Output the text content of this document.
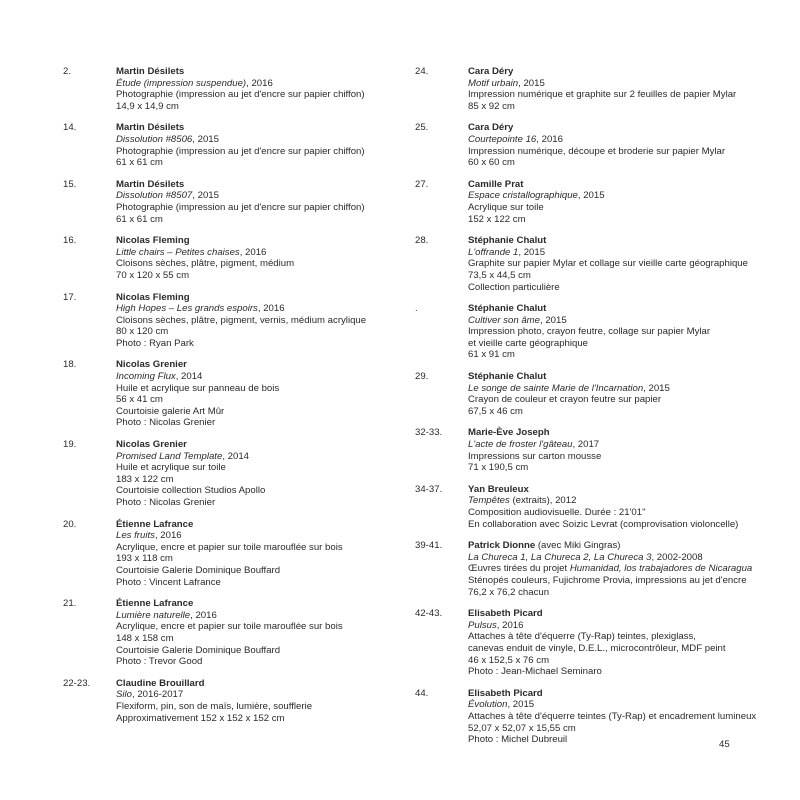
2.	Martin Désilets
Étude (impression suspendue), 2016
Photographie (impression au jet d'encre sur papier chiffon)
14,9 x 14,9 cm
14.	Martin Désilets
Dissolution #8506, 2015
Photographie (impression au jet d'encre sur papier chiffon)
61 x 61 cm
15.	Martin Désilets
Dissolution #8507, 2015
Photographie (impression au jet d'encre sur papier chiffon)
61 x 61 cm
16.	Nicolas Fleming
Little chairs – Petites chaises, 2016
Cloisons sèches, plâtre, pigment, médium
70 x 120 x 55 cm
17.	Nicolas Fleming
High Hopes – Les grands espoirs, 2016
Cloisons sèches, plâtre, pigment, vernis, médium acrylique
80 x 120 cm
Photo : Ryan Park
18.	Nicolas Grenier
Incoming Flux, 2014
Huile et acrylique sur panneau de bois
56 x 41 cm
Courtoisie galerie Art Mûr
Photo : Nicolas Grenier
19.	Nicolas Grenier
Promised Land Template, 2014
Huile et acrylique sur toile
183 x 122 cm
Courtoisie collection Studios Apollo
Photo : Nicolas Grenier
20.	Étienne Lafrance
Les fruits, 2016
Acrylique, encre et papier sur toile marouflée sur bois
193 x 118 cm
Courtoisie Galerie Dominique Bouffard
Photo : Vincent Lafrance
21.	Étienne Lafrance
Lumière naturelle, 2016
Acrylique, encre et papier sur toile marouflée sur bois
148 x 158 cm
Courtoisie Galerie Dominique Bouffard
Photo : Trevor Good
22-23.	Claudine Brouillard
Silo, 2016-2017
Flexiform, pin, son de maïs, lumière, soufflerie
Approximativement 152 x 152 x 152 cm
24.	Cara Déry
Motif urbain, 2015
Impression numérique et graphite sur 2 feuilles de papier Mylar
85 x 92 cm
25.	Cara Déry
Courtepointe 16, 2016
Impression numérique, découpe et broderie sur papier Mylar
60 x 60 cm
27.	Camille Prat
Espace cristallographique, 2015
Acrylique sur toile
152 x 122 cm
28.	Stéphanie Chalut
L'offrande 1, 2015
Graphite sur papier Mylar et collage sur vieille carte géographique
73,5 x 44,5 cm
Collection particulière
.	Stéphanie Chalut
Cultiver son âme, 2015
Impression photo, crayon feutre, collage sur papier Mylar
et vieille carte géographique
61 x 91 cm
29.	Stéphanie Chalut
Le songe de sainte Marie de l'Incarnation, 2015
Crayon de couleur et crayon feutre sur papier
67,5 x 46 cm
32-33.	Marie-Ève Joseph
L'acte de froster l'gâteau, 2017
Impressions sur carton mousse
71 x 190,5 cm
34-37.	Yan Breuleux
Tempêtes (extraits), 2012
Composition audiovisuelle. Durée : 21'01"
En collaboration avec Soizic Levrat (comprovisation violoncelle)
39-41.	Patrick Dionne (avec Miki Gingras)
La Chureca 1, La Chureca 2, La Chureca 3, 2002-2008
Œuvres tirées du projet Humanidad, los trabajadores de Nicaragua
Sténopés couleurs, Fujichrome Provia, impressions au jet d'encre
76,2 x 76,2 chacun
42-43.	Elisabeth Picard
Pulsus, 2016
Attaches à tête d'équerre (Ty-Rap) teintes, plexiglass,
canevas enduit de vinyle, D.E.L., microcontrôleur, MDF peint
46 x 152,5 x 76 cm
Photo : Jean-Michael Seminaro
44.	Elisabeth Picard
Évolution, 2015
Attaches à tête d'équerre teintes (Ty-Rap) et encadrement lumineux
52,07 x 52,07 x 15,55 cm
Photo : Michel Dubreuil	45
